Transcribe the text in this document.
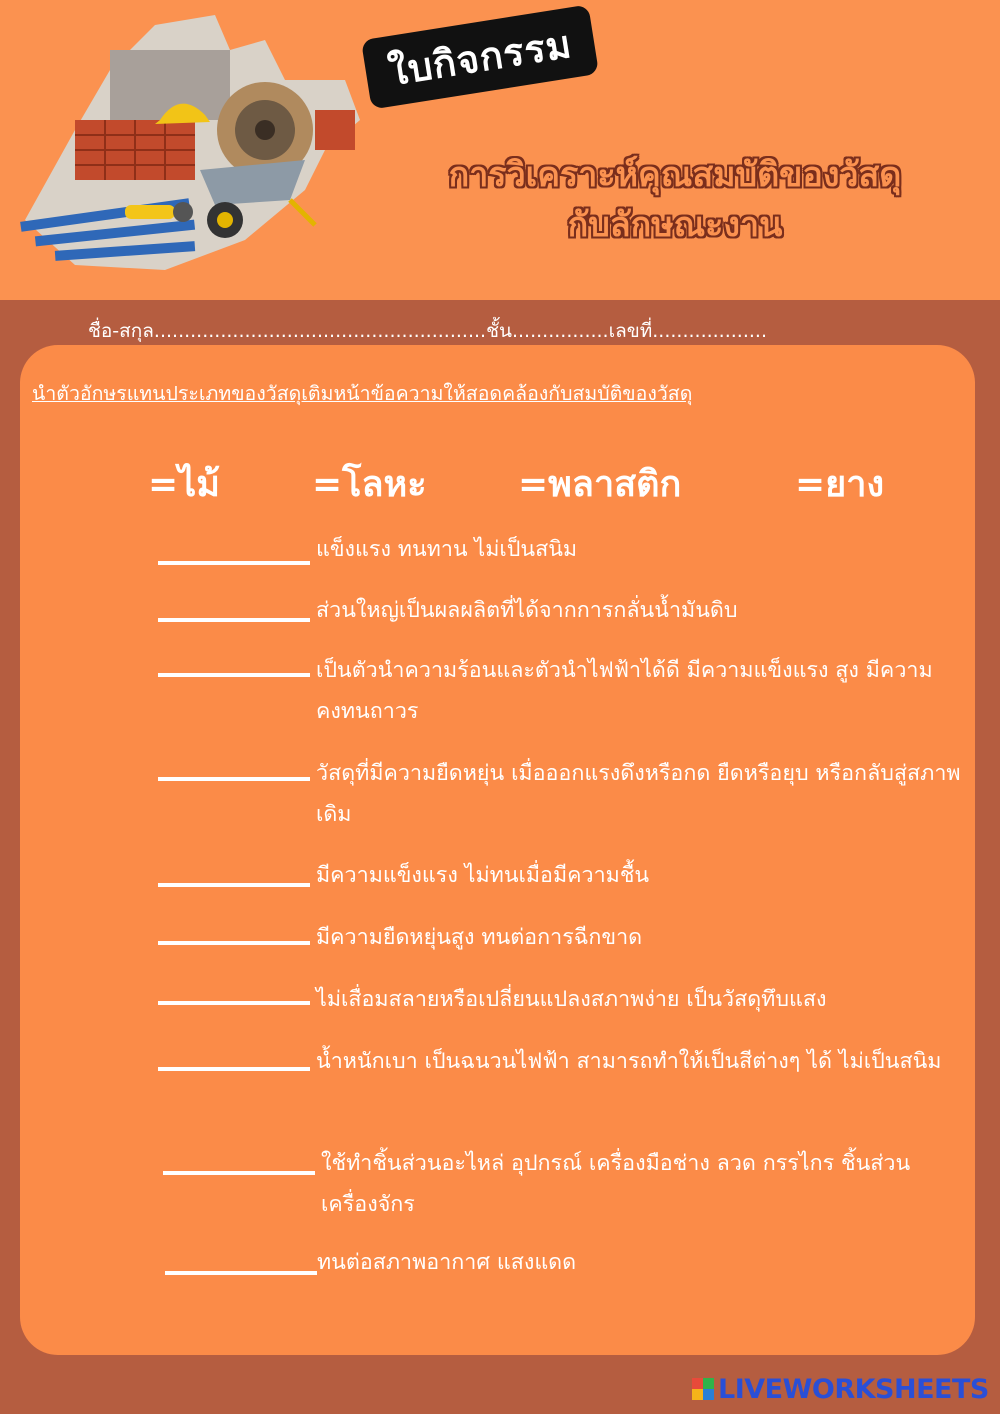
ใบกิจกรรม
การวิเคราะห์คุณสมบัติของวัสดุ
กับลักษณะงาน
ชื่อ-สกุล.......................................................ชั้น................เลขที่...................
นำตัวอักษรแทนประเภทของวัสดุเติมหน้าข้อความให้สอดคล้องกับสมบัติของวัสดุ
=ไม้	=โลหะ	=พลาสติก	=ยาง
แข็งแรง ทนทาน ไม่เป็นสนิม
ส่วนใหญ่เป็นผลผลิตที่ได้จากการกลั่นน้ำมันดิบ
เป็นตัวนำความร้อนและตัวนำไฟฟ้าได้ดี มีความแข็งแรง สูง มีความคงทนถาวร
วัสดุที่มีความยืดหยุ่น เมื่อออกแรงดึงหรือกด ยืดหรือยุบ หรือกลับสู่สภาพเดิม
มีความแข็งแรง ไม่ทนเมื่อมีความชื้น
มีความยืดหยุ่นสูง ทนต่อการฉีกขาด
ไม่เสื่อมสลายหรือเปลี่ยนแปลงสภาพง่าย เป็นวัสดุทึบแสง
น้ำหนักเบา เป็นฉนวนไฟฟ้า สามารถทำให้เป็นสีต่างๆ ได้ ไม่เป็นสนิม
ใช้ทำชิ้นส่วนอะไหล่ อุปกรณ์ เครื่องมือช่าง ลวด กรรไกร ชิ้นส่วนเครื่องจักร
ทนต่อสภาพอากาศ แสงแดด
LIVEWORKSHEETS
